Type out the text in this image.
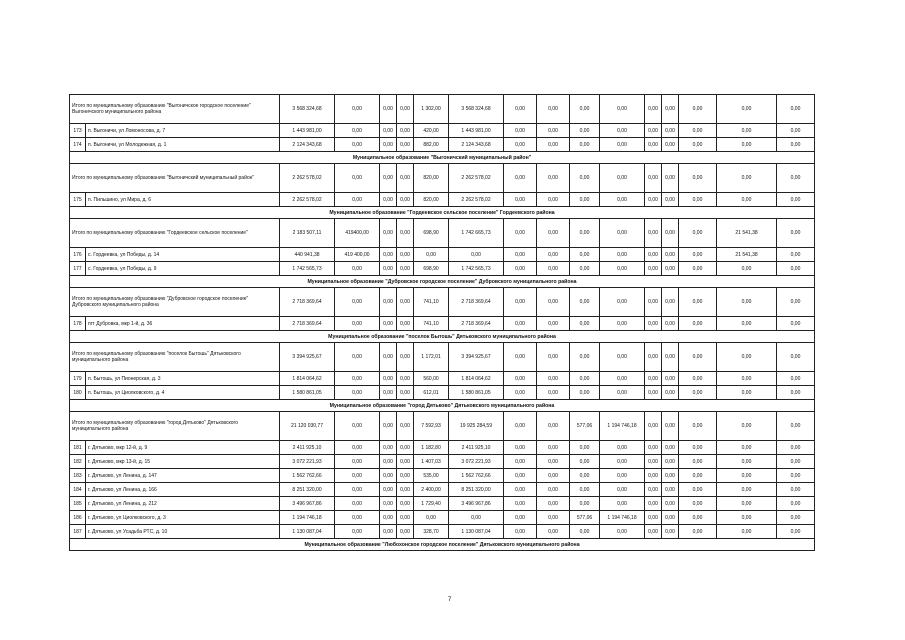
Итого по муниципальному образованию "Выгоничское городское поселение" Выгоничского муниципального района		3 568 324,68	0,00	0,00	0,00	1 302,00	3 568 324,68	0,00	0,00	0,00	0,00	0,00	0,00	0,00	0,00	0,00
173	п. Выгоничи, ул Ломоносова, д. 7	1 443 981,00	0,00	0,00	0,00	420,00	1 443 981,00	0,00	0,00	0,00	0,00	0,00	0,00	0,00	0,00	0,00
174	п. Выгоничи, ул Молодежная, д. 1	2 124 343,68	0,00	0,00	0,00	882,00	2 124 343,68	0,00	0,00	0,00	0,00	0,00	0,00	0,00	0,00	0,00
Муниципальное образование "Выгоничский муниципальный район"																
Итого по муниципальному образованию "Выгоничский муниципальный район"		2 262 578,02	0,00	0,00	0,00	820,00	2 262 578,02	0,00	0,00	0,00	0,00	0,00	0,00	0,00	0,00	0,00
175	п. Пильшино, ул Мира, д. 6	2 262 578,02	0,00	0,00	0,00	820,00	2 262 578,02	0,00	0,00	0,00	0,00	0,00	0,00	0,00	0,00	0,00
Муниципальное образование "Гордеевское сельское поселение" Гордеевского района																
Итого по муниципальному образованию "Гордеевское сельское поселение"		2 183 507,11	419400,00	0,00	0,00	698,90	1 742 665,73	0,00	0,00	0,00	0,00	0,00	0,00	0,00	21 541,38	0,00
176	с. Гордеевка, ул Победы, д. 14	440 941,38	419 400,00	0,00	0,00	0,00	0,00	0,00	0,00	0,00	0,00	0,00	0,00	0,00	21 541,38	0,00
177	с. Гордеевка, ул Победы, д. 9	1 742 565,73	0,00	0,00	0,00	698,90	1 742 565,73	0,00	0,00	0,00	0,00	0,00	0,00	0,00	0,00	0,00
Муниципальное образование "Дубровское городское поселение" Дубровского муниципального района																
Итого по муниципальному образованию "Дубровское городское поселение" Дубровского муниципального района		2 718 369,64	0,00	0,00	0,00	741,10	2 718 369,64	0,00	0,00	0,00	0,00	0,00	0,00	0,00	0,00	0,00
178	пгт Дубровка, мкр 1-й, д. 36	2 718 369,64	0,00	0,00	0,00	741,10	2 718 369,64	0,00	0,00	0,00	0,00	0,00	0,00	0,00	0,00	0,00
Муниципальное образование "поселок Бытошь" Дятьковского муниципального района																
Итого по муниципальному образованию "поселок Бытошь" Дятьковского муниципального района		3 394 925,67	0,00	0,00	0,00	1 172,01	3 394 925,67	0,00	0,00	0,00	0,00	0,00	0,00	0,00	0,00	0,00
179	п. Бытошь, ул Пионерская, д. 3	1 814 064,62	0,00	0,00	0,00	560,00	1 814 064,62	0,00	0,00	0,00	0,00	0,00	0,00	0,00	0,00	0,00
180	п. Бытошь, ул Циолковского, д. 4	1 580 861,05	0,00	0,00	0,00	612,01	1 580 861,05	0,00	0,00	0,00	0,00	0,00	0,00	0,00	0,00	0,00
Муниципальное образование "город Дятьково" Дятьковского муниципального района																
Итого по муниципальному образованию "город Дятьково" Дятьковского муниципального района		21 120 030,77	0,00	0,00	0,00	7 592,93	19 925 284,59	0,00	0,00	577,06	1 194 746,18	0,00	0,00	0,00	0,00	0,00
181	г. Дятьково, мкр 12-й, д. 9	2 411 925,10	0,00	0,00	0,00	1 182,80	2 411 925,10	0,00	0,00	0,00	0,00	0,00	0,00	0,00	0,00	0,00
182	г. Дятьково, мкр 13-й, д. 15	3 072 221,93	0,00	0,00	0,00	1 407,03	3 072 221,93	0,00	0,00	0,00	0,00	0,00	0,00	0,00	0,00	0,00
183	г. Дятьково, ул Ленина, д. 147	1 562 762,66	0,00	0,00	0,00	535,00	1 562 762,66	0,00	0,00	0,00	0,00	0,00	0,00	0,00	0,00	0,00
184	г. Дятьково, ул Ленина, д. 166	8 251 320,00	0,00	0,00	0,00	2 400,00	8 251 320,00	0,00	0,00	0,00	0,00	0,00	0,00	0,00	0,00	0,00
185	г. Дятьково, ул Ленина, д. 212	3 496 967,86	0,00	0,00	0,00	1 729,40	3 496 967,86	0,00	0,00	0,00	0,00	0,00	0,00	0,00	0,00	0,00
186	г. Дятьково, ул Циолковского, д. 3	1 194 746,18	0,00	0,00	0,00	0,00	0,00	0,00	0,00	577,06	1 194 746,18	0,00	0,00	0,00	0,00	0,00
187	г. Дятьково, ул Усадьба РТС, д. 10	1 130 087,04	0,00	0,00	0,00	328,70	1 130 087,04	0,00	0,00	0,00	0,00	0,00	0,00	0,00	0,00	0,00
Муниципальное образование "Любохонское городское поселение" Дятьковского муниципального района																
7
